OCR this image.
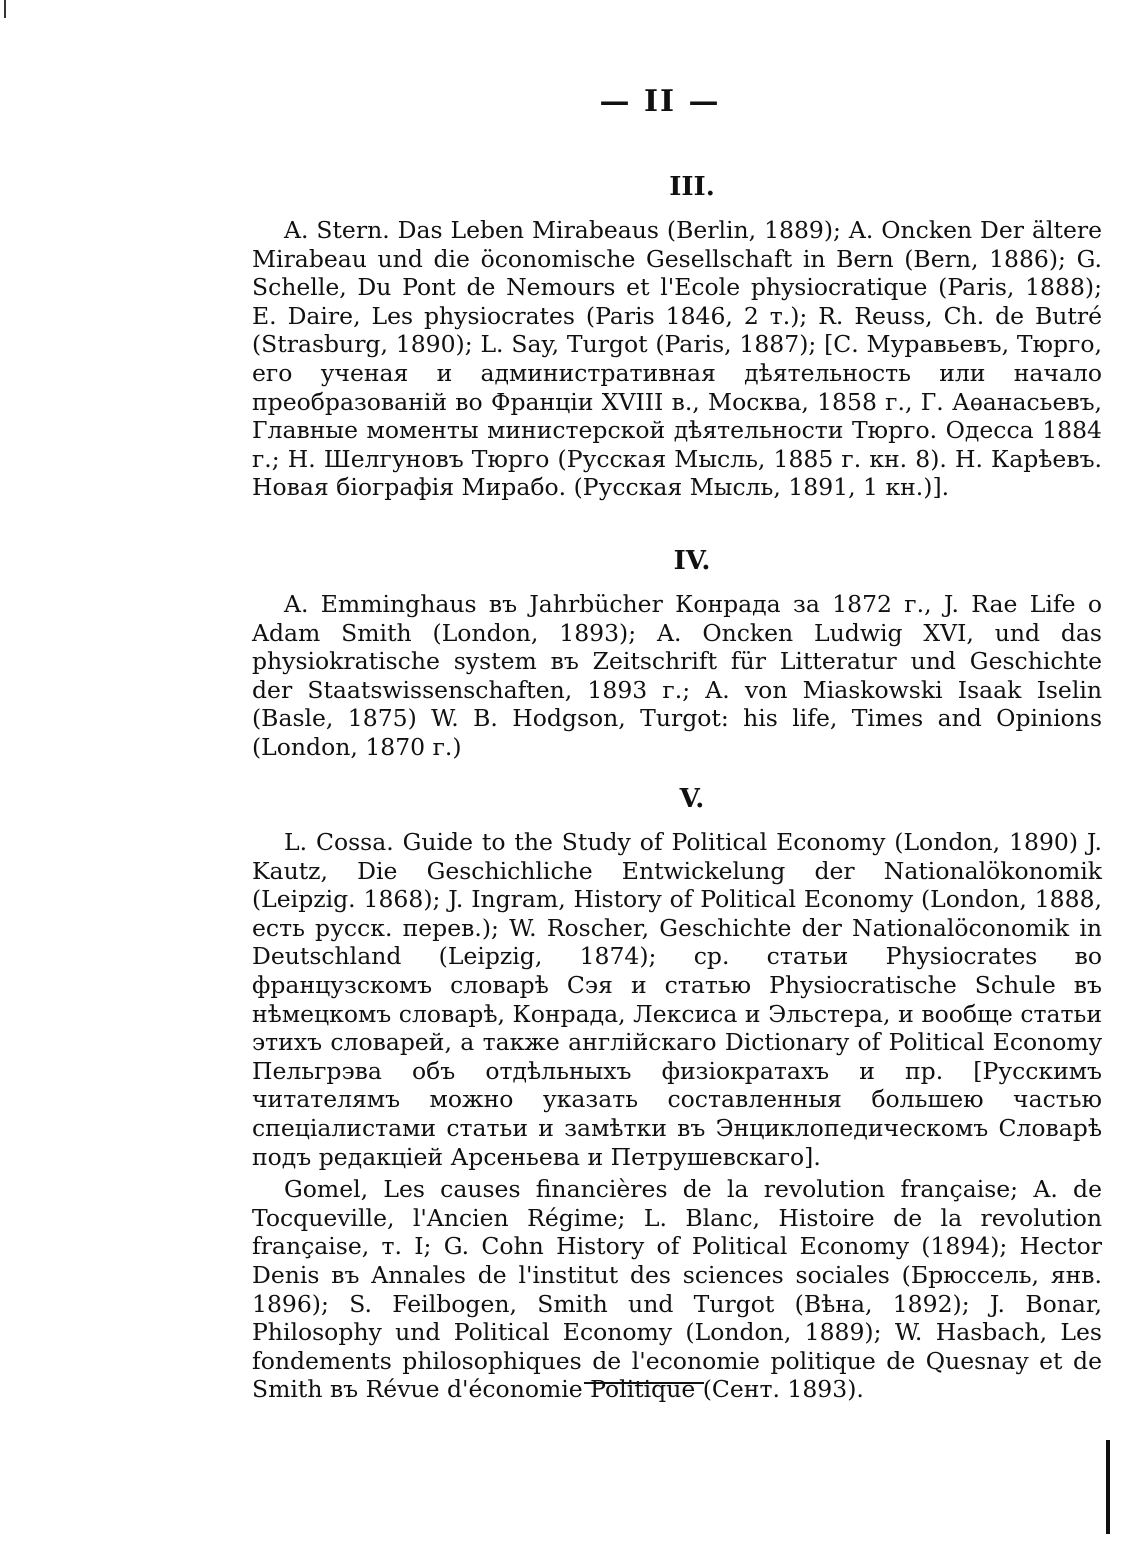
— II —
III.

A. Stern. Das Leben Mirabeaus (Berlin, 1889); A. Oncken Der ältere Mirabeau und die öconomische Gesellschaft in Bern (Bern, 1886); G. Schelle, Du Pont de Nemours et l'Ecole physiocratique (Paris, 1888); E. Daire, Les physiocrates (Paris 1846, 2 т.); R. Reuss, Ch. de Butré (Strasburg, 1890); L. Say, Turgot (Paris, 1887); [С. Муравьевъ, Тюрго, его ученая и административная дѣятельность или начало преобразованій во Франціи XVIII в., Москва, 1858 г., Г. Аѳанасьевъ, Главные моменты министерской дѣятельности Тюрго. Одесса 1884 г.; Н. Шелгуновъ Тюрго (Русская Мысль, 1885 г. кн. 8). Н. Карѣевъ. Новая біографія Мирабо. (Русская Мысль, 1891, 1 кн.)].

IV.

A. Emminghaus въ Jahrbücher Конрада за 1872 г., J. Rae Life o Adam Smith (London, 1893); A. Oncken Ludwig XVI, und das physiokratische system въ Zeitschrift für Litteratur und Geschichte der Staatswissenschaften, 1893 г.; A. von Miaskowski Isaak Iselin (Basle, 1875) W. B. Hodgson, Turgot: his life, Times and Opinions (London, 1870 г.)

V.

L. Cossa. Guide to the Study of Political Economy (London, 1890) J. Kautz, Die Geschichliche Entwickelung der Nationalökonomik (Leipzig. 1868); J. Ingram, History of Political Economy (London, 1888, есть русск. перев.); W. Roscher, Geschichte der Nationalöconomik in Deutschland (Leipzig, 1874); ср. статьи Physiocrates во французскомъ словарѣ Сэя и статью Physiocratische Schule въ нѣмецкомъ словарѣ, Конрада, Лексиса и Эльстера, и вообще статьи этихъ словарей, а также англійскаго Dictionary of Political Economy Пельгрэва объ отдѣльныхъ физіократахъ и пр. [Русскимъ читателямъ можно указать составленныя большею частью спеціалистами статьи и замѣтки въ Энциклопедическомъ Словарѣ подъ редакціей Арсеньева и Петрушевскаго].

Gomel, Les causes financières de la revolution française; A. de Tocqueville, l'Ancien Régime; L. Blanc, Histoire de la revolution française, т. I; G. Cohn History of Political Economy (1894); Hector Denis въ Annales de l'institut des sciences sociales (Брюссель, янв. 1896); S. Feilbogen, Smith und Turgot (Вѣна, 1892); J. Bonar, Philosophy und Political Economy (London, 1889); W. Hasbach, Les fondements philosophiques de l'economie politique de Quesnay et de Smith въ Révue d'économie Politique (Сент. 1893).
